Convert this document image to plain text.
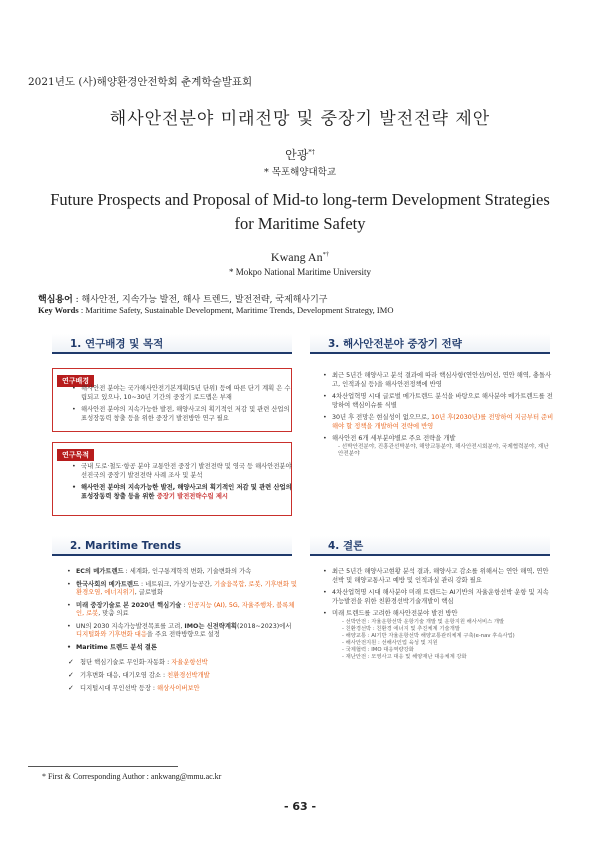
2021년도 (사)해양환경안전학회 춘계학술발표회
해사안전분야 미래전망 및 중장기 발전전략 제안
안광*†
* 목포해양대학교
Future Prospects and Proposal of Mid-to long-term Development Strategies for Maritime Safety
Kwang An*†
* Mokpo National Maritime University
핵심용어 : 해사안전, 지속가능 발전, 해사 트렌드, 발전전략, 국제해사기구
Key Words : Maritime Safety, Sustainable Development, Maritime Trends, Development Strategy, IMO
1. 연구배경 및 목적
연구배경
• 해사안전 분야는 국가해사안전기본계획(5년 단위) 등에 따른 단기 계획 은 수립되고 있으나, 10~30년 기간의 중장기 로드맵은 부재
• 해사안전 분야의 지속가능한 발전, 해양사고의 획기적인 저감 및 관련 산업의 표성장동력 창출 등을 위한 중장기 발전방안 연구 필요
연구목적
• 국내 도로·철도·항공 분야 교통안전 중장기 발전전략 및 영국 등 해사안전분야 선진국의 중장기 발전전략 사례 조사 및 분석
• 해사안전 분야의 지속가능한 발전, 해양사고의 획기적인 저감 및 관련 산업의 표성장동력 창출 등을 위한 중장기 발전전략수립 제시
3. 해사안전분야 중장기 전략
• 최근 5년간 해양사고 분석 결과에 따라 핵심사항(연안선/어선, 연안 해역, 충돌사고, 인적과실 등)을 해사안전정책에 반영
• 4차산업혁명 시대 글로벌 메가트렌드 분석을 바탕으로 해사분야 메가트렌드를 전망하여 핵심이슈를 식별
• 30년 후 전망은 현실성이 없으므로, 10년 후(2030년)를 전망하여 지금부터 준비해야 할 정책을 개발하여 전략에 반영
• 해사안전 6개 세부분야별로 주요 전략을 개발
- 선박안전분야, 진흥관선박분야, 해양교통분야, 해사안전시회분야, 국제협력분야, 재난안전분야
2. Maritime Trends
• EC의 메가트렌드 : 세계화, 인구통계학적 변화, 기술변화의 가속
• 한국사회의 메가트렌드 : 네트워크, 가상기능공간, 기술융복합, 로봇, 기후변화 및 환경오염, 에너지위기, 글로벌화
• 미래 중장기술로 본 2020년 핵심기술 : 인공지능 (AI), 5G, 자율주행차, 블록체인, 로봇, 맞춤 의료
• UN의 2030 지속가능발전목표를 고려, IMO는 신전략계획(2018~2023)에서 디지털화와 기후변화 대응을 주요 전략방향으로 설정
• Maritime 트렌드 분석 결론
✓ 첨단 핵심기술로 무인화·자동화 : 자율운항선박
✓ 기후변화 대응, 대기오염 감소 : 친환경선박개발
✓ 디지털시대 무인선박 등장 : 해상사이버보안
4. 결론
• 최근 5년간 해양사고현황 분석 결과, 해양사고 감소를 위해서는 연안 해역, 연안선박 및 해양교통사고 예방 및 인적과실 관리 강화 필요
• 4차산업혁명 시대 해사분야 미래 트렌드는 AI기반의 자율운항선박 운항 및 지속가능발전을 위한 친환경선박기술개발이 핵심
• 미래 트렌드를 고려한 해사안전분야 발전 방안
- 선박안전 : 자율운항선박 운항기술 개발 및 운항지원 해사서비스 개발
- 친환경선박 : 친환경 에너지 및 추진체계 기술개발
- 해양교통 : AI기반 자율운항선박 해양교통관리체계 구축(e-nav 후속사업)
- 해사안전지원 : 선해사인업 육성 및 지원
- 국제협력 : IMO 대응역량강화
- 재난안전 : 모영사고 대응 및 해양재난 대응체계 강화
* First & Corresponding Author : ankwang@mmu.ac.kr
- 63 -
